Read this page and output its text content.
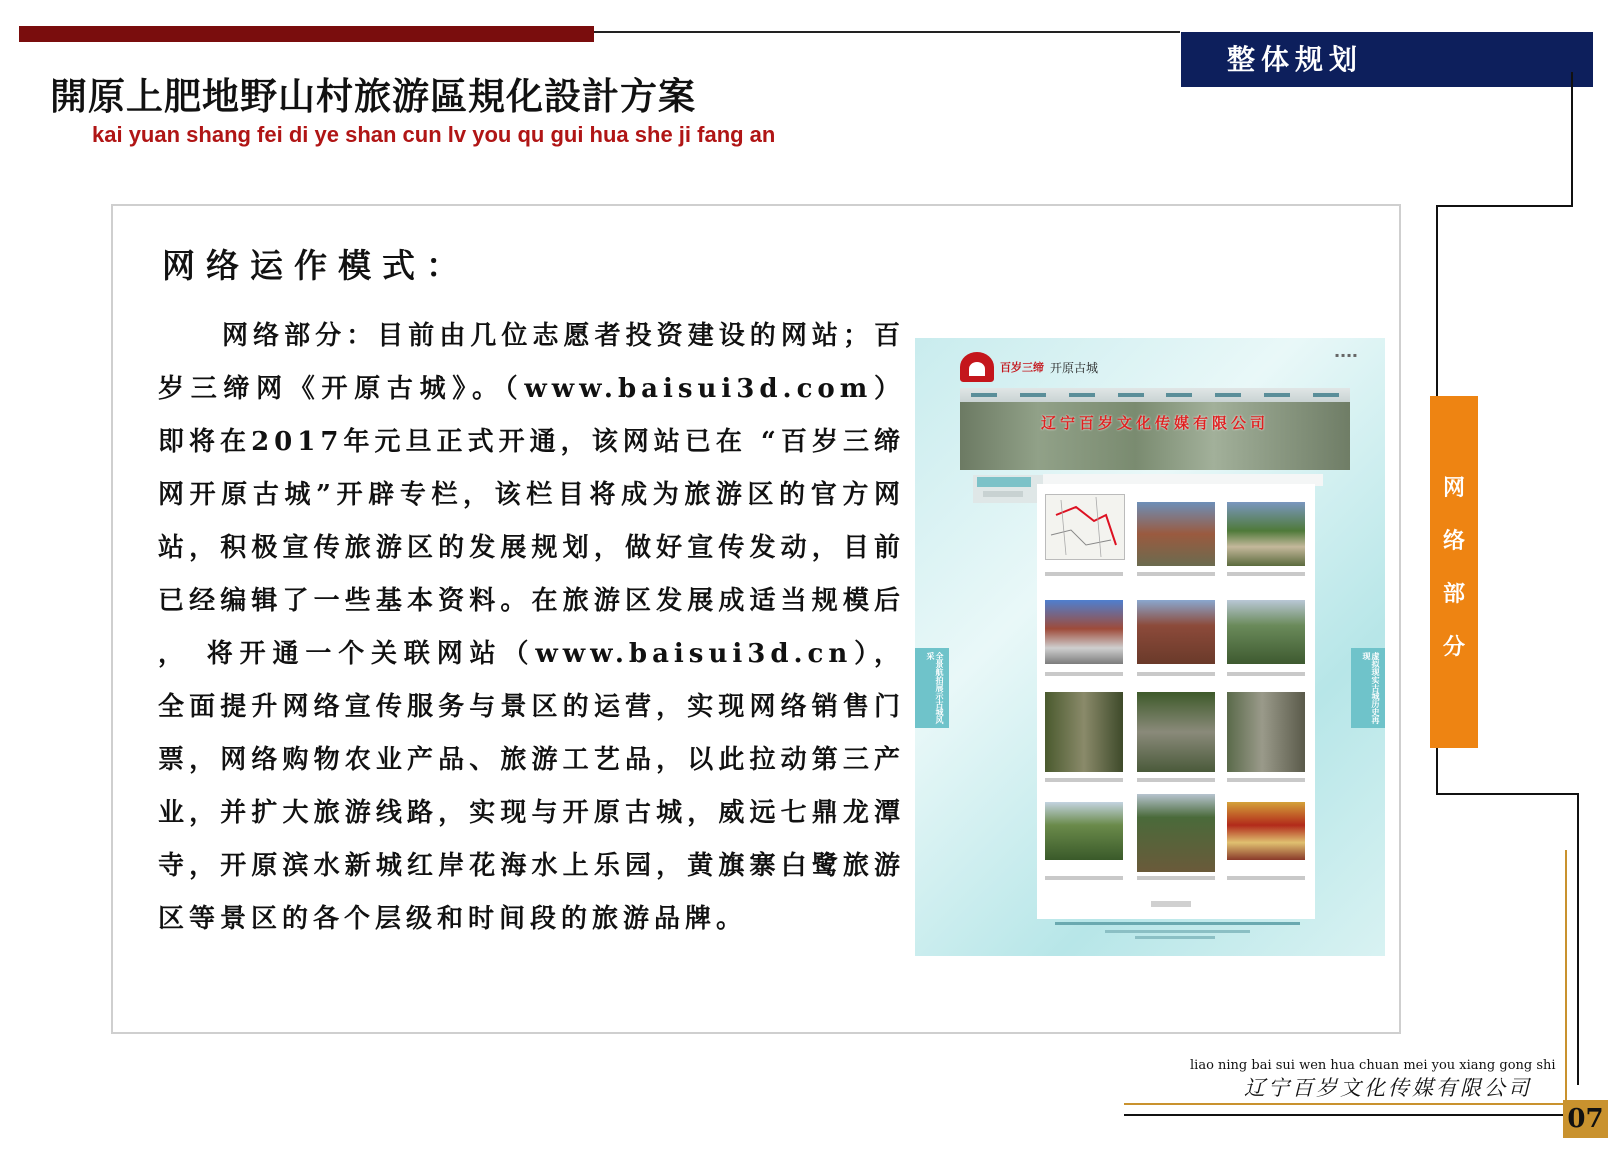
開原上肥地野山村旅游區規化設計方案
kai yuan shang fei di ye shan cun lv you qu gui hua she ji fang an
整体规划
网络运作模式：

网络部分：目前由几位志愿者投资建设的网站；百岁三缔网《开原古城》。（www.baisui3d.com）即将在2017年元旦正式开通，该网站已在 “百岁三缔网开原古城”开辟专栏，该栏目将成为旅游区的官方网站，积极宣传旅游区的发展规划，做好宣传发动，目前已经编辑了一些基本资料。在旅游区发展成适当规模后 ， 将开通一个关联网站（www.baisui3d.cn），全面提升网络宣传服务与景区的运营，实现网络销售门票，网络购物农业产品、旅游工艺品，以此拉动第三产业，并扩大旅游线路，实现与开原古城，威远七鼎龙潭寺，开原滨水新城红岸花海水上乐园，黄旗寨白鹭旅游区等景区的各个层级和时间段的旅游品牌。

百岁三缔 开原古城
▪ ▪ ▪ ▪
辽宁百岁文化传媒有限公司
全景航拍展示古城风采	虚拟现实古城历史再现
网
络
部
分
liao ning bai sui wen hua chuan mei you xiang gong shi
辽宁百岁文化传媒有限公司
07
